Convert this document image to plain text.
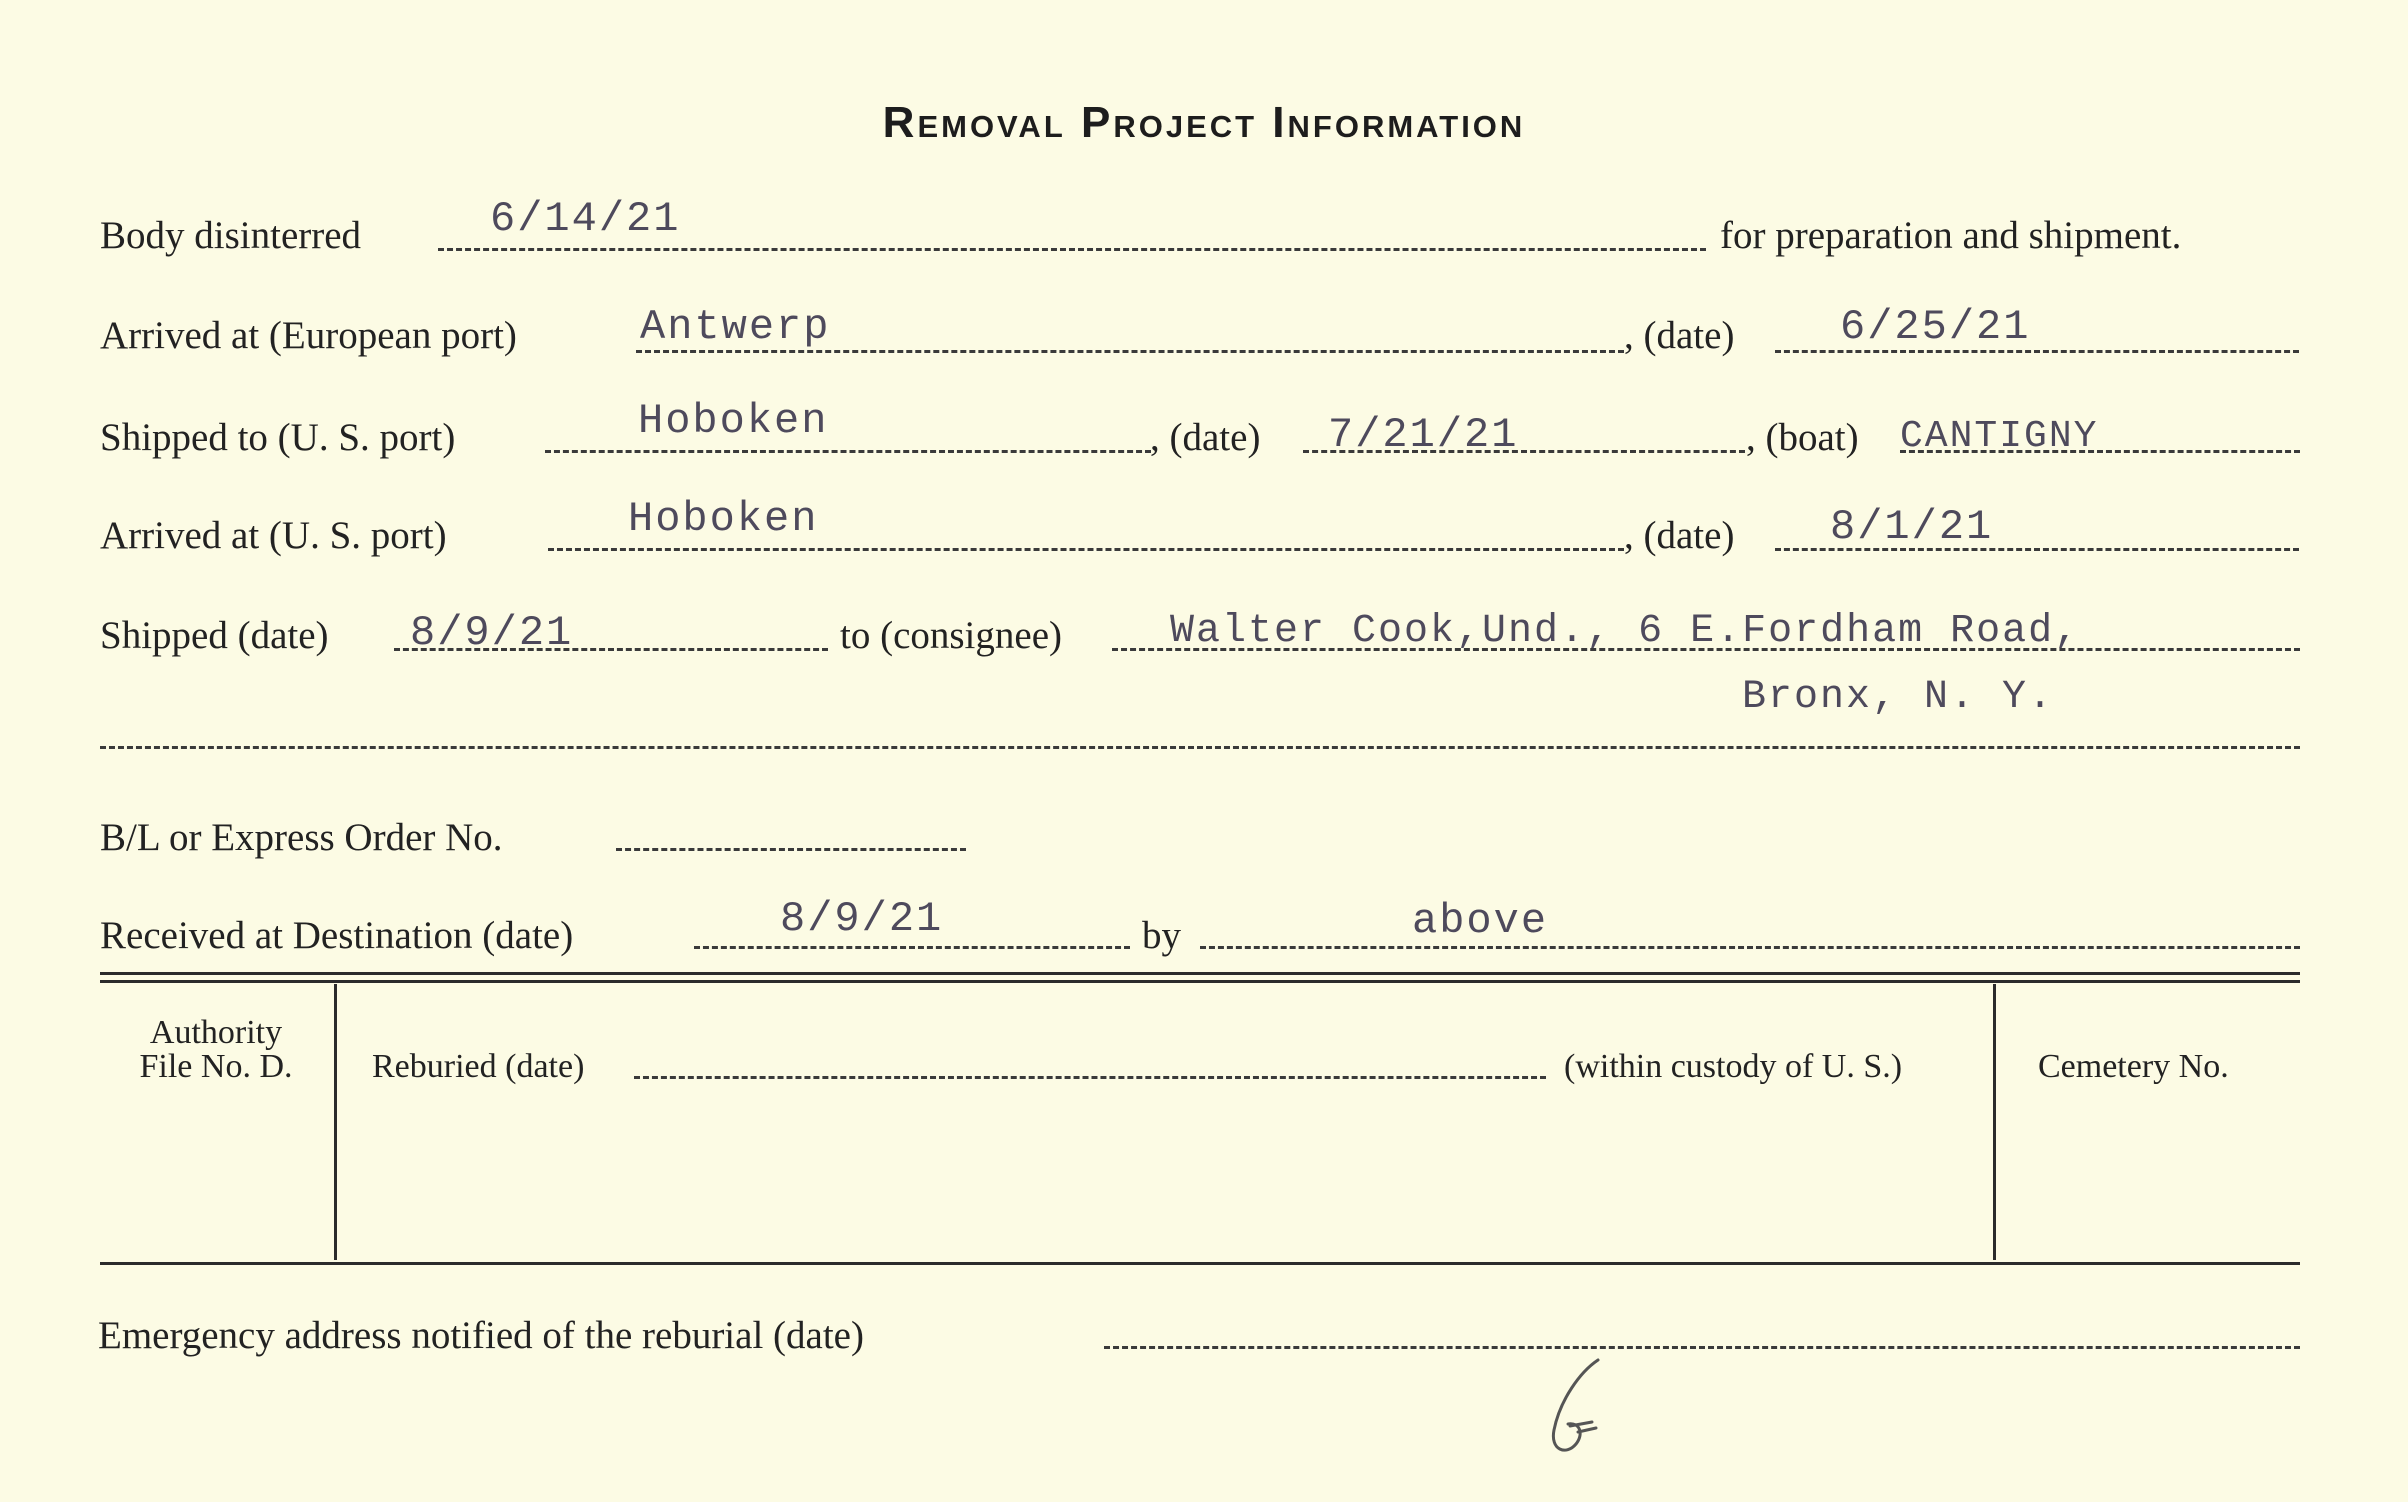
Removal Project Information
Body disinterred	6/14/21	for preparation and shipment.
Arrived at (European port)	Antwerp	, (date)	6/25/21
Shipped to (U. S. port)	Hoboken	, (date) 7/21/21	, (boat) CANTIGNY
Arrived at (U. S. port)	Hoboken	, (date) 8/1/21
Shipped (date) 8/9/21	to (consignee)	Walter Cook,Und., 6 E.Fordham Road,
Bronx, N. Y.
B/L or Express Order No.
Received at Destination (date)	8/9/21	by	above
Authority
File No. D.	Reburied (date)	(within custody of U. S.)	Cemetery No.
Emergency address notified of the reburial (date)
